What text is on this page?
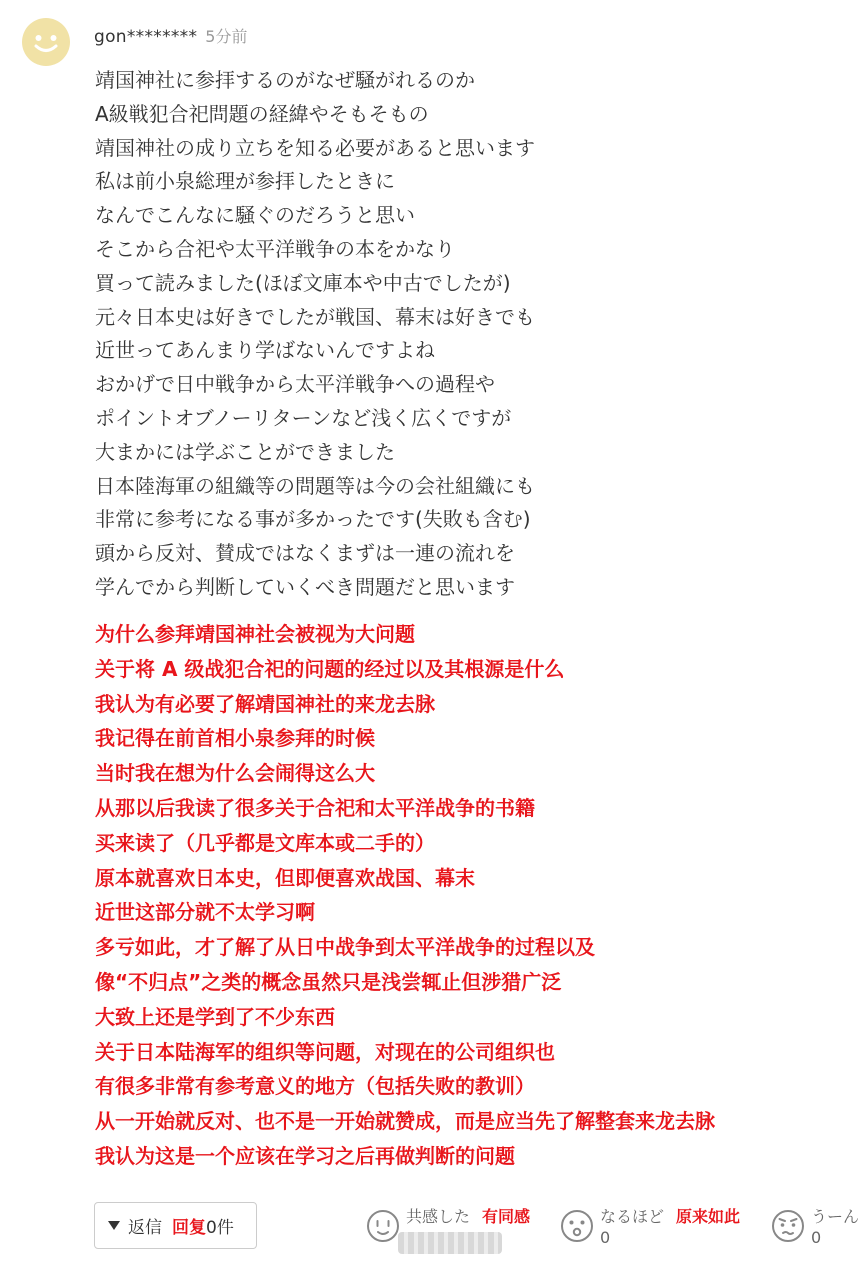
gon******** 5分前
靖国神社に参拝するのがなぜ騒がれるのか
A級戦犯合祀問題の経緯やそもそもの
靖国神社の成り立ちを知る必要があると思います
私は前小泉総理が参拝したときに
なんでこんなに騒ぐのだろうと思い
そこから合祀や太平洋戦争の本をかなり
買って読みました(ほぼ文庫本や中古でしたが)
元々日本史は好きでしたが戦国、幕末は好きでも
近世ってあんまり学ばないんですよね
おかげで日中戦争から太平洋戦争への過程や
ポイントオブノーリターンなど浅く広くですが
大まかには学ぶことができました
日本陸海軍の組織等の問題等は今の会社組織にも
非常に参考になる事が多かったです(失敗も含む)
頭から反対、賛成ではなくまずは一連の流れを
学んでから判断していくべき問題だと思います
为什么参拜靖国神社会被视为大问题
关于将 A 级战犯合祀的问题的经过以及其根源是什么
我认为有必要了解靖国神社的来龙去脉
我记得在前首相小泉参拜的时候
当时我在想为什么会闹得这么大
从那以后我读了很多关于合祀和太平洋战争的书籍
买来读了（几乎都是文库本或二手的）
原本就喜欢日本史，但即便喜欢战国、幕末
近世这部分就不太学习啊
多亏如此，才了解了从日中战争到太平洋战争的过程以及
像“不归点”之类的概念虽然只是浅尝辄止但涉猎广泛
大致上还是学到了不少东西
关于日本陆海军的组织等问题，对现在的公司组织也
有很多非常有参考意义的地方（包括失败的教训）
从一开始就反对、也不是一开始就赞成，而是应当先了解整套来龙去脉
我认为这是一个应该在学习之后再做判断的问题
返信 回复 0件
共感した 有同感	なるほど 原来如此
0
うーん
0
